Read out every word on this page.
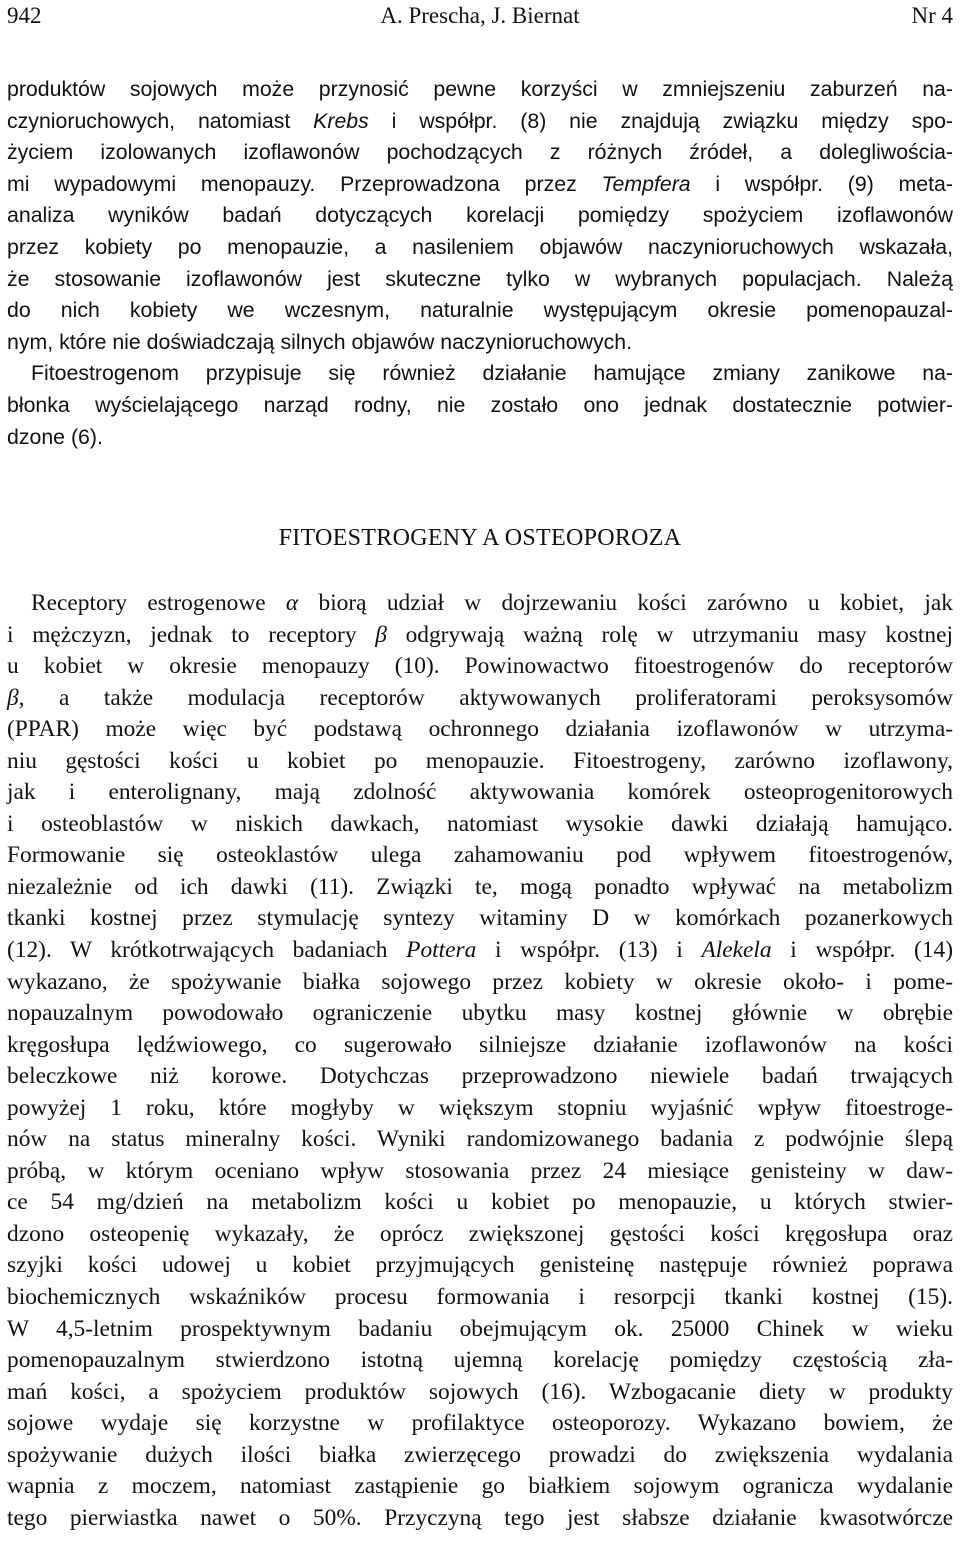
942	A. Prescha, J. Biernat	Nr 4
produktów sojowych może przynosić pewne korzyści w zmniejszeniu zaburzeń na-
czynioruchowych, natomiast Krebs i współpr. (8) nie znajdują związku między spo-
życiem izolowanych izoflawonów pochodzących z różnych źródeł, a dolegliwościa-
mi wypadowymi menopauzy. Przeprowadzona przez Tempfera i współpr. (9) meta-
analiza wyników badań dotyczących korelacji pomiędzy spożyciem izoflawonów
przez kobiety po menopauzie, a nasileniem objawów naczynioruchowych wskazała,
że stosowanie izoflawonów jest skuteczne tylko w wybranych populacjach. Należą
do nich kobiety we wczesnym, naturalnie występującym okresie pomenopauzal-
nym, które nie doświadczają silnych objawów naczynioruchowych.
Fitoestrogenom przypisuje się również działanie hamujące zmiany zanikowe na-
błonka wyścielającego narząd rodny, nie zostało ono jednak dostatecznie potwier-
dzone (6).
FITOESTROGENY A OSTEOPOROZA
Receptory estrogenowe α biorą udział w dojrzewaniu kości zarówno u kobiet, jak
i mężczyzn, jednak to receptory β odgrywają ważną rolę w utrzymaniu masy kostnej
u kobiet w okresie menopauzy (10). Powinowactwo fitoestrogenów do receptorów
β, a także modulacja receptorów aktywowanych proliferatorami peroksysomów
(PPAR) może więc być podstawą ochronnego działania izoflawonów w utrzyma-
niu gęstości kości u kobiet po menopauzie. Fitoestrogeny, zarówno izoflawony,
jak i enterolignany, mają zdolność aktywowania komórek osteoprogenitorowych
i osteoblastów w niskich dawkach, natomiast wysokie dawki działają hamująco.
Formowanie się osteoklastów ulega zahamowaniu pod wpływem fitoestrogenów,
niezależnie od ich dawki (11). Związki te, mogą ponadto wpływać na metabolizm
tkanki kostnej przez stymulację syntezy witaminy D w komórkach pozanerkowych
(12). W krótkotrwających badaniach Pottera i współpr. (13) i Alekela i współpr. (14)
wykazano, że spożywanie białka sojowego przez kobiety w okresie około- i pome-
nopauzalnym powodowało ograniczenie ubytku masy kostnej głównie w obrębie
kręgosłupa lędźwiowego, co sugerowało silniejsze działanie izoflawonów na kości
beleczkowe niż korowe. Dotychczas przeprowadzono niewiele badań trwających
powyżej 1 roku, które mogłyby w większym stopniu wyjaśnić wpływ fitoestroge-
nów na status mineralny kości. Wyniki randomizowanego badania z podwójnie ślepą
próbą, w którym oceniano wpływ stosowania przez 24 miesiące genisteiny w daw-
ce 54 mg/dzień na metabolizm kości u kobiet po menopauzie, u których stwier-
dzono osteopenię wykazały, że oprócz zwiększonej gęstości kości kręgosłupa oraz
szyjki kości udowej u kobiet przyjmujących genisteinę następuje również poprawa
biochemicznych wskaźników procesu formowania i resorpcji tkanki kostnej (15).
W 4,5-letnim prospektywnym badaniu obejmującym ok. 25000 Chinek w wieku
pomenopauzalnym stwierdzono istotną ujemną korelację pomiędzy częstością zła-
mań kości, a spożyciem produktów sojowych (16). Wzbogacanie diety w produkty
sojowe wydaje się korzystne w profilaktyce osteoporozy. Wykazano bowiem, że
spożywanie dużych ilości białka zwierzęcego prowadzi do zwiększenia wydalania
wapnia z moczem, natomiast zastąpienie go białkiem sojowym ogranicza wydalanie
tego pierwiastka nawet o 50%. Przyczyną tego jest słabsze działanie kwasotwórcze
